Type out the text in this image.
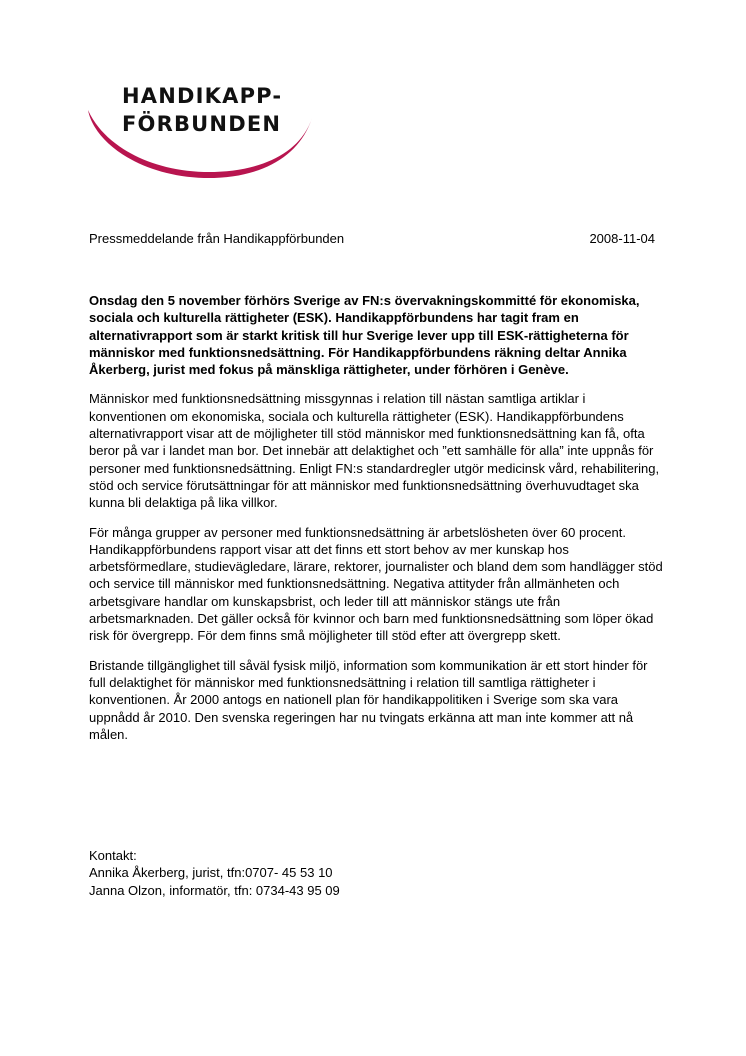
HANDIKAPP-
FÖRBUNDEN
Pressmeddelande från Handikappförbunden	2008-11-04

Onsdag den 5 november förhörs Sverige av FN:s övervakningskommitté för ekonomiska, sociala och kulturella rättigheter (ESK). Handikappförbundens har tagit fram en alternativrapport som är starkt kritisk till hur Sverige lever upp till ESK-rättigheterna för människor med funktionsnedsättning. För Handikappförbundens räkning deltar Annika Åkerberg, jurist med fokus på mänskliga rättigheter, under förhören i Genève.

Människor med funktionsnedsättning missgynnas i relation till nästan samtliga artiklar i konventionen om ekonomiska, sociala och kulturella rättigheter (ESK). Handikappförbundens alternativrapport visar att de möjligheter till stöd människor med funktionsnedsättning kan få, ofta beror på var i landet man bor. Det innebär att delaktighet och ”ett samhälle för alla” inte uppnås för personer med funktionsnedsättning. Enligt FN:s standardregler utgör medicinsk vård, rehabilitering, stöd och service förutsättningar för att människor med funktionsnedsättning överhuvudtaget ska kunna bli delaktiga på lika villkor.

För många grupper av personer med funktionsnedsättning är arbetslösheten över 60 procent. Handikappförbundens rapport visar att det finns ett stort behov av mer kunskap hos arbetsförmedlare, studievägledare, lärare, rektorer, journalister och bland dem som handlägger stöd och service till människor med funktionsnedsättning. Negativa attityder från allmänheten och arbetsgivare handlar om kunskapsbrist, och leder till att människor stängs ute från arbetsmarknaden. Det gäller också för kvinnor och barn med funktionsnedsättning som löper ökad risk för övergrepp. För dem finns små möjligheter till stöd efter att övergrepp skett.

Bristande tillgänglighet till såväl fysisk miljö, information som kommunikation är ett stort hinder för full delaktighet för människor med funktionsnedsättning i relation till samtliga rättigheter i konventionen. År 2000 antogs en nationell plan för handikappolitiken i Sverige som ska vara uppnådd år 2010. Den svenska regeringen har nu tvingats erkänna att man inte kommer att nå målen.

Kontakt:
Annika Åkerberg, jurist, tfn:0707- 45 53 10
Janna Olzon, informatör, tfn: 0734-43 95 09
